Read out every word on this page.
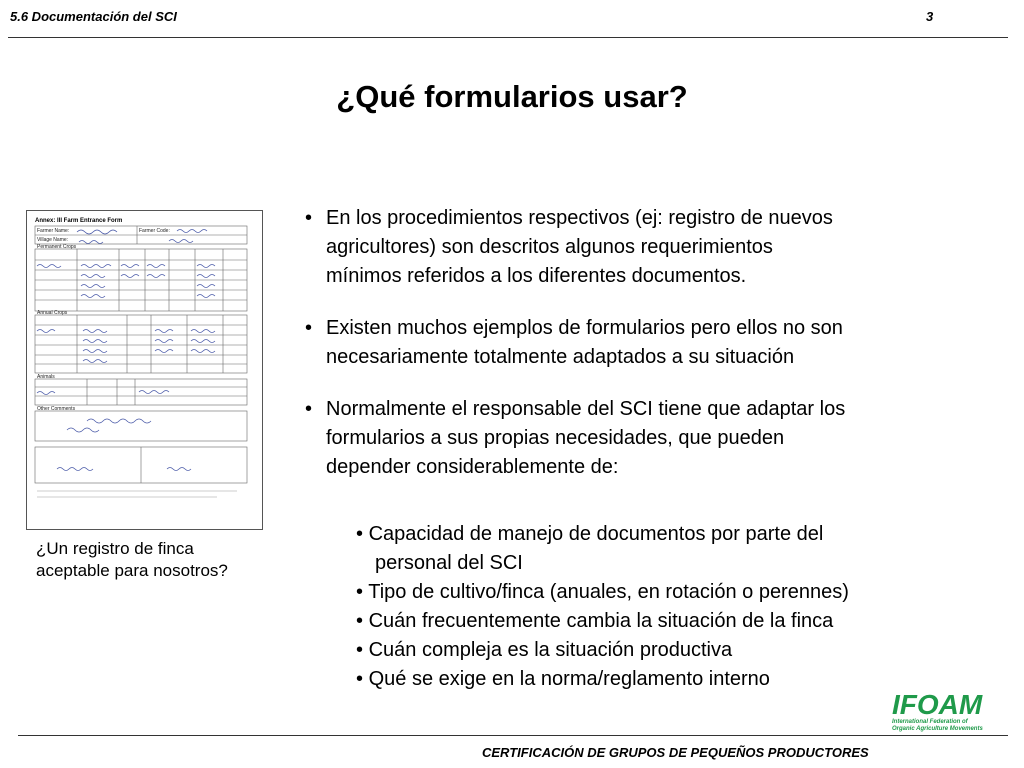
5.6 Documentación del SCI	3
¿Qué formularios usar?
Annex: III Farm Entrance Form
Farmer Name:	Farmer Code:
Village Name:
Permanent Crops
Annual Crops
Animals
Other Comments
¿Un registro de finca
aceptable para nosotros?
• En los procedimientos respectivos (ej: registro de nuevos
agricultores) son descritos algunos requerimientos
mínimos referidos a los diferentes documentos.
• Existen muchos ejemplos de formularios pero ellos no son
necesariamente totalmente adaptados a su situación
• Normalmente el responsable del SCI tiene que adaptar los
formularios a sus propias necesidades, que pueden
depender considerablemente de:
• Capacidad de manejo de documentos por parte del
personal del SCI
• Tipo de cultivo/finca (anuales, en rotación o perennes)
• Cuán frecuentemente cambia la situación de la finca
• Cuán compleja es la situación productiva
• Qué se exige en la norma/reglamento interno
IFOAM
International Federation of
Organic Agriculture Movements
CERTIFICACIÓN DE GRUPOS DE PEQUEÑOS PRODUCTORES
